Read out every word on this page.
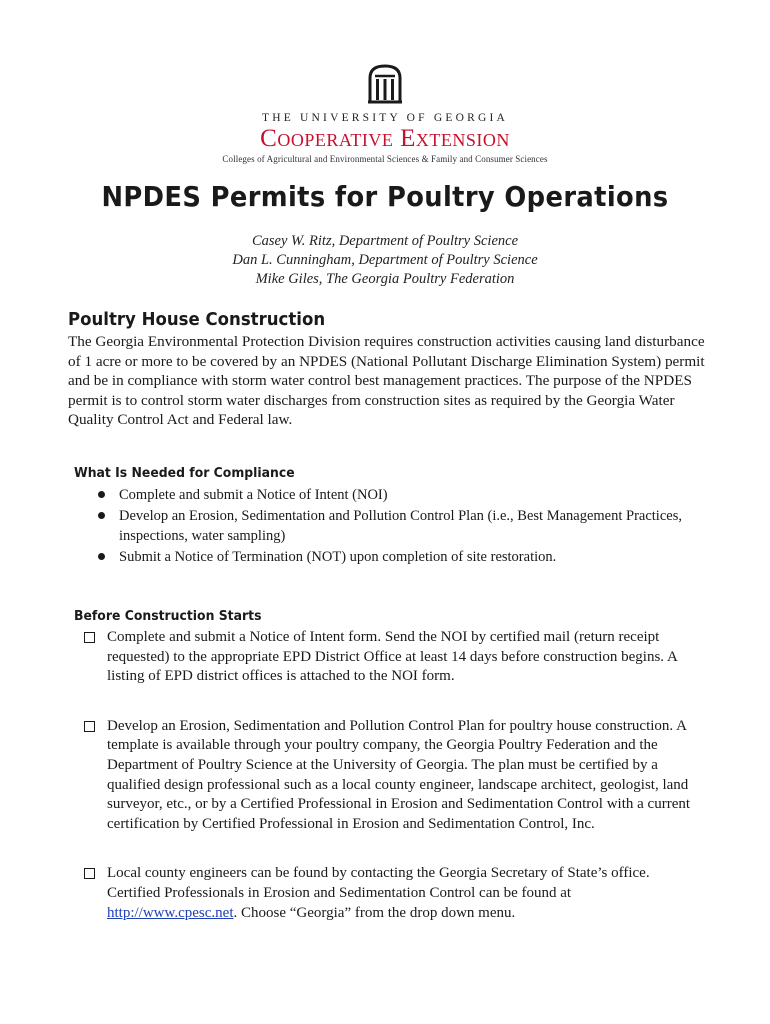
THE UNIVERSITY OF GEORGIA
Cooperative Extension
Colleges of Agricultural and Environmental Sciences & Family and Consumer Sciences
NPDES Permits for Poultry Operations
Casey W. Ritz, Department of Poultry Science
Dan L. Cunningham, Department of Poultry Science
Mike Giles, The Georgia Poultry Federation
Poultry House Construction

The Georgia Environmental Protection Division requires construction activities causing land disturbance of 1 acre or more to be covered by an NPDES (National Pollutant Discharge Elimination System) permit and be in compliance with storm water control best management practices. The purpose of the NPDES permit is to control storm water discharges from construction sites as required by the Georgia Water Quality Control Act and Federal law.

What Is Needed for Compliance
Complete and submit a Notice of Intent (NOI)
Develop an Erosion, Sedimentation and Pollution Control Plan (i.e., Best Management Practices, inspections, water sampling)
Submit a Notice of Termination (NOT) upon completion of site restoration.
Before Construction Starts
Complete and submit a Notice of Intent form. Send the NOI by certified mail (return receipt requested) to the appropriate EPD District Office at least 14 days before construction begins. A listing of EPD district offices is attached to the NOI form.
Develop an Erosion, Sedimentation and Pollution Control Plan for poultry house construction. A template is available through your poultry company, the Georgia Poultry Federation and the Department of Poultry Science at the University of Georgia. The plan must be certified by a qualified design professional such as a local county engineer, landscape architect, geologist, land surveyor, etc., or by a Certified Professional in Erosion and Sedimentation Control with a current certification by Certified Professional in Erosion and Sedimentation Control, Inc.
Local county engineers can be found by contacting the Georgia Secretary of State’s office. Certified Professionals in Erosion and Sedimentation Control can be found at http://www.cpesc.net. Choose “Georgia” from the drop down menu.
